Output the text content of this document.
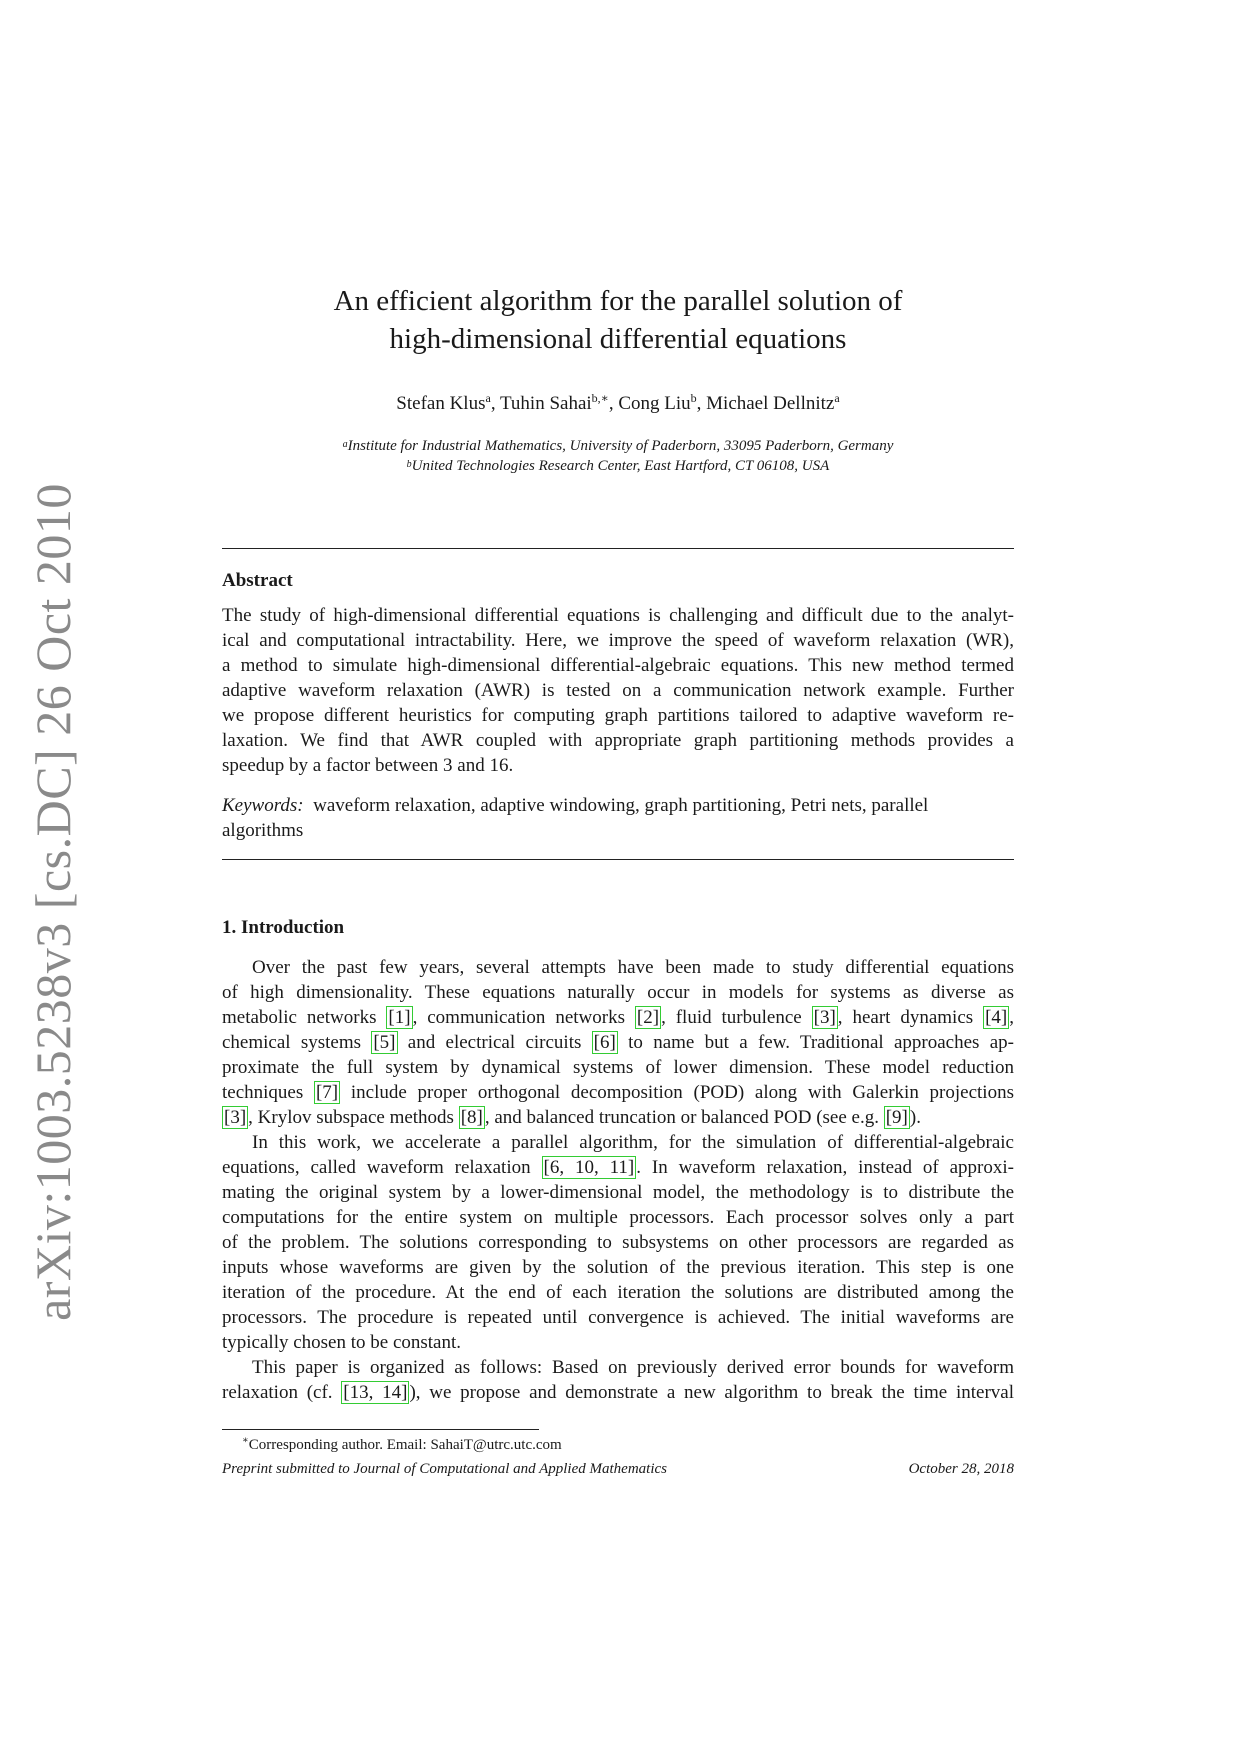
arXiv:1003.5238v3 [cs.DC] 26 Oct 2010
An efficient algorithm for the parallel solution of
high-dimensional differential equations
Stefan Klus$^a$, Tuhin Sahai$^{b,∗}$, Cong Liu$^b$, Michael Dellnitz$^a$
$^a$Institute for Industrial Mathematics, University of Paderborn, 33095 Paderborn, Germany
$^b$United Technologies Research Center, East Hartford, CT 06108, USA
Abstract
The study of high-dimensional differential equations is challenging and difficult due to the analyt-
ical and computational intractability. Here, we improve the speed of waveform relaxation (WR),
a method to simulate high-dimensional differential-algebraic equations. This new method termed
adaptive waveform relaxation (AWR) is tested on a communication network example. Further
we propose different heuristics for computing graph partitions tailored to adaptive waveform re-
laxation. We find that AWR coupled with appropriate graph partitioning methods provides a
speedup by a factor between 3 and 16.
Keywords: waveform relaxation, adaptive windowing, graph partitioning, Petri nets, parallel
algorithms
1. Introduction
Over the past few years, several attempts have been made to study differential equations
of high dimensionality. These equations naturally occur in models for systems as diverse as
metabolic networks [1] , communication networks [2] , fluid turbulence [3] , heart dynamics [4] ,
chemical systems [5] and electrical circuits [6] to name but a few. Traditional approaches ap-
proximate the full system by dynamical systems of lower dimension. These model reduction
techniques [7] include proper orthogonal decomposition (POD) along with Galerkin projections
[3] , Krylov subspace methods [8] , and balanced truncation or balanced POD (see e.g. [9] ).
In this work, we accelerate a parallel algorithm, for the simulation of differential-algebraic
equations, called waveform relaxation [6, 10, 11] . In waveform relaxation, instead of approxi-
mating the original system by a lower-dimensional model, the methodology is to distribute the
computations for the entire system on multiple processors. Each processor solves only a part
of the problem. The solutions corresponding to subsystems on other processors are regarded as
inputs whose waveforms are given by the solution of the previous iteration. This step is one
iteration of the procedure. At the end of each iteration the solutions are distributed among the
processors. The procedure is repeated until convergence is achieved. The initial waveforms are
typically chosen to be constant.
This paper is organized as follows: Based on previously derived error bounds for waveform
relaxation (cf. [13, 14] ), we propose and demonstrate a new algorithm to break the time interval
∗Corresponding author. Email: SahaiT@utrc.utc.com
Preprint submitted to Journal of Computational and Applied Mathematics	October 28, 2018
